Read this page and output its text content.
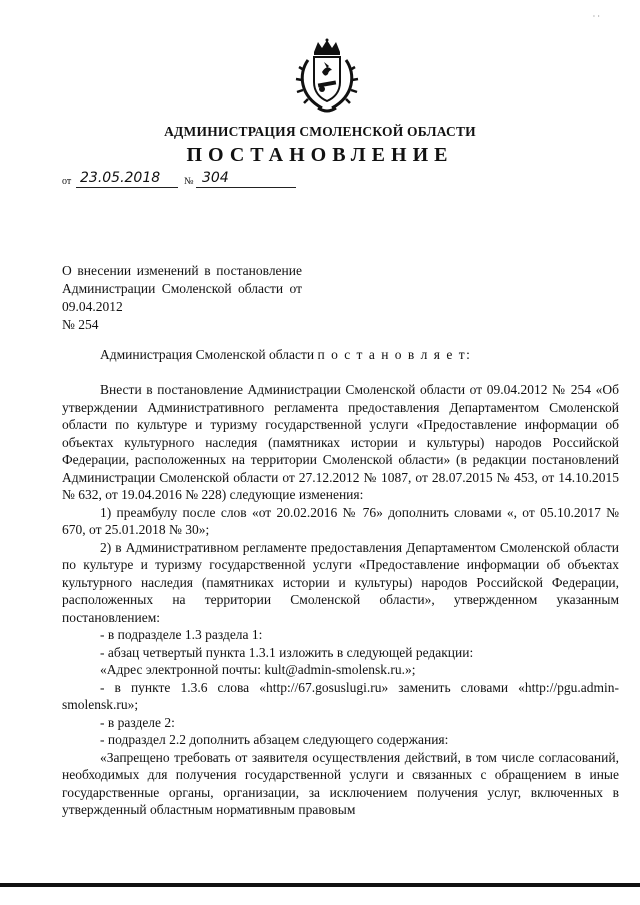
· ·
АДМИНИСТРАЦИЯ СМОЛЕНСКОЙ ОБЛАСТИ
ПОСТАНОВЛЕНИЕ
от 23.05.2018 № 304

О внесении изменений в постановление Администрации Смоленской области от 09.04.2012

№ 254

Администрация Смоленской области п о с т а н о в л я е т:

Внести в постановление Администрации Смоленской области от 09.04.2012 № 254 «Об утверждении Административного регламента предоставления Департаментом Смоленской области по культуре и туризму государственной услуги «Предоставление информации об объектах культурного наследия (памятниках истории и культуры) народов Российской Федерации, расположенных на территории Смоленской области» (в редакции постановлений Администрации Смоленской области от 27.12.2012 № 1087, от 28.07.2015 № 453, от 14.10.2015 № 632, от 19.04.2016 № 228) следующие изменения:

1) преамбулу после слов «от 20.02.2016 № 76» дополнить словами «, от 05.10.2017 № 670, от 25.01.2018 № 30»;

2) в Административном регламенте предоставления Департаментом Смоленской области по культуре и туризму государственной услуги «Предоставление информации об объектах культурного наследия (памятниках истории и культуры) народов Российской Федерации, расположенных на территории Смоленской области», утвержденном указанным постановлением:

- в подразделе 1.3 раздела 1:

- абзац четвертый пункта 1.3.1 изложить в следующей редакции:

«Адрес электронной почты: kult@admin-smolensk.ru.»;

- в пункте 1.3.6 слова «http://67.gosuslugi.ru» заменить словами «http://pgu.admin-smolensk.ru»;

- в разделе 2:

- подраздел 2.2 дополнить абзацем следующего содержания:

«Запрещено требовать от заявителя осуществления действий, в том числе согласований, необходимых для получения государственной услуги и связанных с обращением в иные государственные органы, организации, за исключением получения услуг, включенных в утвержденный областным нормативным правовым
